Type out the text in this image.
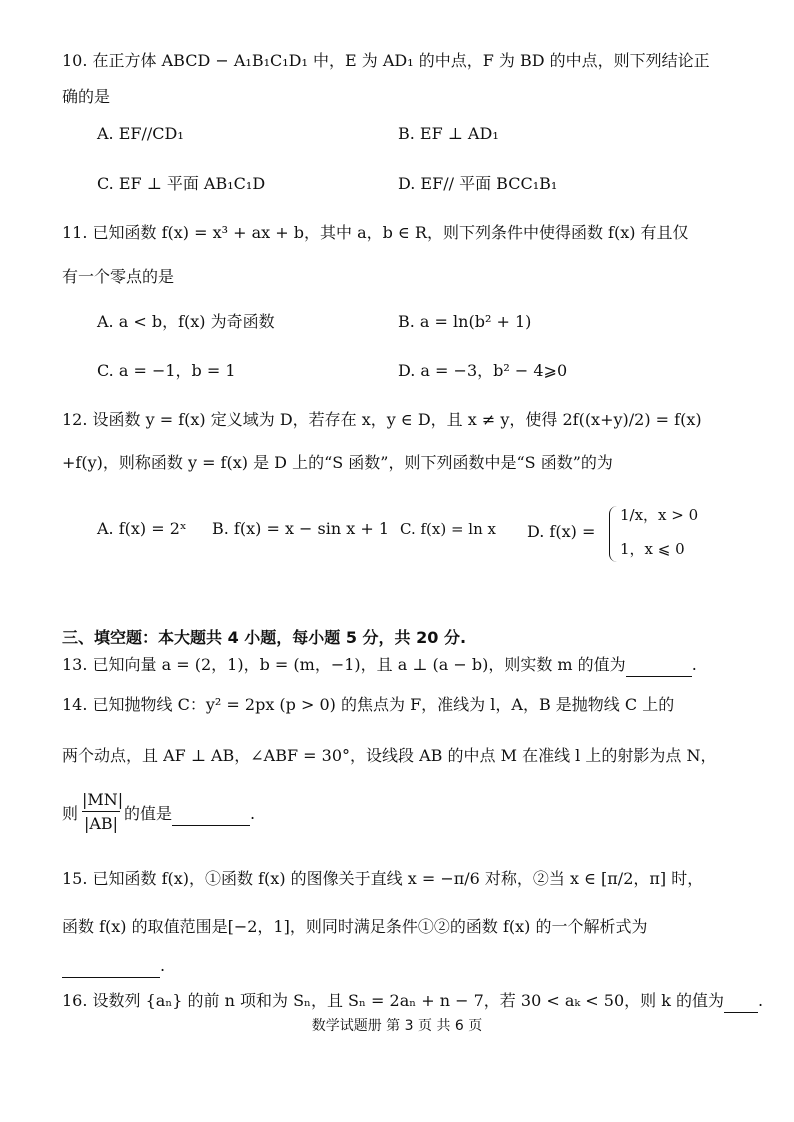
10. 在正方体 ABCD − A₁B₁C₁D₁ 中，E 为 AD₁ 的中点，F 为 BD 的中点，则下列结论正
确的是
A. EF//CD₁	B. EF ⊥ AD₁
C. EF ⊥ 平面 AB₁C₁D	D. EF// 平面 BCC₁B₁
11. 已知函数 f(x) = x³ + ax + b，其中 a，b ∈ R，则下列条件中使得函数 f(x) 有且仅
有一个零点的是
A. a < b，f(x) 为奇函数	B. a = ln(b² + 1)
C. a = −1，b = 1	D. a = −3，b² − 4⩾0
12. 设函数 y = f(x) 定义域为 D，若存在 x，y ∈ D，且 x ≠ y，使得 2f((x+y)/2) = f(x)
+f(y)，则称函数 y = f(x) 是 D 上的“S 函数”，则下列函数中是“S 函数”的为
A. f(x) = 2ˣ B. f(x) = x − sin x + 1 C. f(x) = ln x D. f(x) =
1/x，x > 0
1，x ⩽ 0
三、填空题：本大题共 4 小题，每小题 5 分，共 20 分.
13. 已知向量 a = (2，1)，b = (m，−1)，且 a ⊥ (a − b)，则实数 m 的值为	.
14. 已知抛物线 C：y² = 2px (p > 0) 的焦点为 F，准线为 l，A，B 是抛物线 C 上的
两个动点，且 AF ⊥ AB，∠ABF = 30°，设线段 AB 的中点 M 在准线 l 上的射影为点 N，
则 $\frac{|MN|}{|AB|}$ 的值是	.
15. 已知函数 f(x)，①函数 f(x) 的图像关于直线 x = −π/6 对称，②当 x ∈ [π/2，π] 时，
函数 f(x) 的取值范围是[−2，1]，则同时满足条件①②的函数 f(x) 的一个解析式为
.
16. 设数列 {aₙ} 的前 n 项和为 Sₙ，且 Sₙ = 2aₙ + n − 7，若 30 < aₖ < 50，则 k 的值为 .
数学试题册 第 3 页 共 6 页
